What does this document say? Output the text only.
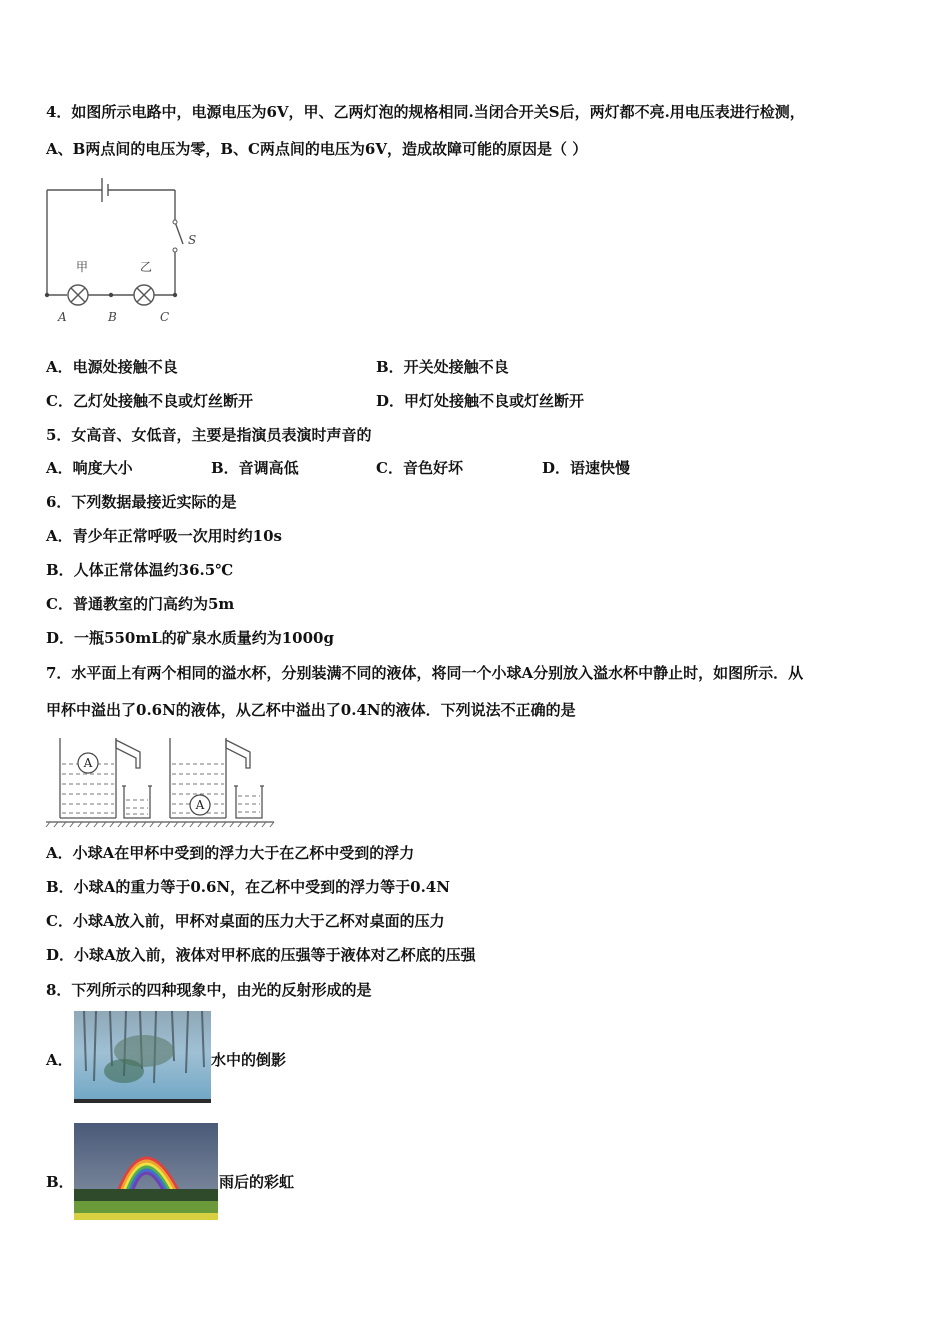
4．如图所示电路中，电源电压为6V，甲、乙两灯泡的规格相同.当闭合开关S后，两灯都不亮.用电压表进行检测，
A、B两点间的电压为零，B、C两点间的电压为6V，造成故障可能的原因是（ ）
S
甲	乙
A	B	C
A．电源处接触不良	B．开关处接触不良
C．乙灯处接触不良或灯丝断开	D．甲灯处接触不良或灯丝断开
5．女高音、女低音，主要是指演员表演时声音的
A．响度大小	B．音调高低	C．音色好坏	D．语速快慢
6．下列数据最接近实际的是
A．青少年正常呼吸一次用时约10s
B．人体正常体温约36.5℃
C．普通教室的门高约为5m
D．一瓶550mL的矿泉水质量约为1000g
7．水平面上有两个相同的溢水杯，分别装满不同的液体，将同一个小球A分别放入溢水杯中静止时，如图所示．从
甲杯中溢出了0.6N的液体，从乙杯中溢出了0.4N的液体．下列说法不正确的是
A
A
A．小球A在甲杯中受到的浮力大于在乙杯中受到的浮力
B．小球A的重力等于0.6N，在乙杯中受到的浮力等于0.4N
C．小球A放入前，甲杯对桌面的压力大于乙杯对桌面的压力
D．小球A放入前，液体对甲杯底的压强等于液体对乙杯底的压强
8．下列所示的四种现象中，由光的反射形成的是
A．	水中的倒影
B．	雨后的彩虹
